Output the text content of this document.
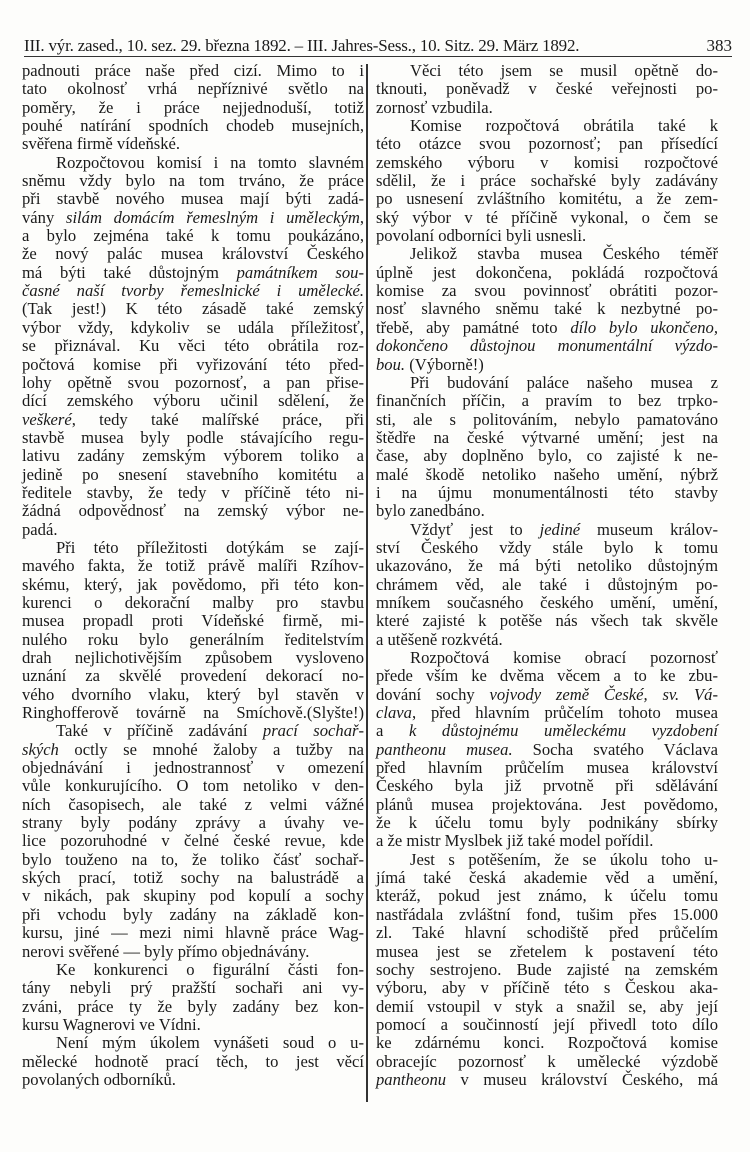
III. výr. zased., 10. sez. 29. března 1892. – III. Jahres-Sess., 10. Sitz. 29. März 1892.	383
padnouti práce naše před cizí. Mimo to i
tato okolnosť vrhá nepříznivé světlo na
poměry, že i práce nejjednoduší, totiž
pouhé natírání spodních chodeb musejních,
svěřena firmě vídeňské.
Rozpočtovou komisí i na tomto slavném
sněmu vždy bylo na tom trváno, že práce
při stavbě nového musea mají býti zadá-
vány silám domácím řemeslným i uměleckým,
a bylo zejména také k tomu poukázáno,
že nový palác musea království Českého
má býti také důstojným památníkem sou-
časné naší tvorby řemeslnické i umělecké.
(Tak jest!) K této zásadě také zemský
výbor vždy, kdykoliv se udála příležitosť,
se přiznával. Ku věci této obrátila roz-
počtová komise při vyřizování této před-
lohy opětně svou pozornosť, a pan přise-
dící zemského výboru učinil sdělení, že
veškeré, tedy také malířské práce, při
stavbě musea byly podle stávajícího regu-
lativu zadány zemským výborem toliko a
jedině po snesení stavebního komitétu a
ředitele stavby, že tedy v příčině této ni-
žádná odpovědnosť na zemský výbor ne-
padá.
Při této příležitosti dotýkám se zají-
mavého fakta, že totiž právě malíři Rzíhov-
skému, který, jak povědomo, při této kon-
kurenci o dekorační malby pro stavbu
musea propadl proti Vídeňské firmě, mi-
nulého roku bylo generálním ředitelstvím
drah nejlichotivějším způsobem vysloveno
uznání za skvělé provedení dekorací no-
vého dvorního vlaku, který byl stavěn v
Ringhofferově továrně na Smíchově.(Slyšte!)
Také v příčině zadávání prací sochař-
ských octly se mnohé žaloby a tužby na
objednávání i jednostrannosť v omezení
vůle konkurujícího. O tom netoliko v den-
ních časopisech, ale také z velmi vážné
strany byly podány zprávy a úvahy ve-
lice pozoruhodné v čelné české revue, kde
bylo touženo na to, že toliko čásť sochař-
ských prací, totiž sochy na balustrádě a
v nikách, pak skupiny pod kopulí a sochy
při vchodu byly zadány na základě kon-
kursu, jiné — mezi nimi hlavně práce Wag-
nerovi svěřené — byly přímo objednávány.
Ke konkurenci o figurální části fon-
tány nebyli prý pražští sochaři ani vy-
zváni, práce ty že byly zadány bez kon-
kursu Wagnerovi ve Vídni.
Není mým úkolem vynášeti soud o u-
mělecké hodnotě prací těch, to jest věcí
povolaných odborníků.
Věci této jsem se musil opětně do-
tknouti, poněvadž v české veřejnosti po-
zornosť vzbudila.
Komise rozpočtová obrátila také k
této otázce svou pozornosť; pan přísedící
zemského výboru v komisi rozpočtové
sdělil, že i práce sochařské byly zadávány
po usnesení zvláštního komitétu, a že zem-
ský výbor v té příčině vykonal, o čem se
povolaní odborníci byli usnesli.
Jelikož stavba musea Českého téměř
úplně jest dokončena, pokládá rozpočtová
komise za svou povinnosť obrátiti pozor-
nosť slavného sněmu také k nezbytné po-
třebě, aby památné toto dílo bylo ukončeno,
dokončeno důstojnou monumentální výzdo-
bou. (Výborně!)
Při budování paláce našeho musea z
finančních příčin, a pravím to bez trpko-
sti, ale s politováním, nebylo pamatováno
štědře na české výtvarné umění; jest na
čase, aby doplněno bylo, co zajisté k ne-
malé škodě netoliko našeho umění, nýbrž
i na újmu monumentálnosti této stavby
bylo zanedbáno.
Vždyť jest to jediné museum králov-
ství Českého vždy stále bylo k tomu
ukazováno, že má býti netoliko důstojným
chrámem věd, ale také i důstojným po-
mníkem současného českého umění, umění,
které zajisté k potěše nás všech tak skvěle
a utěšeně rozkvétá.
Rozpočtová komise obrací pozornosť
přede vším ke dvěma věcem a to ke zbu-
dování sochy vojvody země České, sv. Vá-
clava, před hlavním průčelím tohoto musea
a k důstojnému uměleckému vyzdobení
pantheonu musea. Socha svatého Václava
před hlavním průčelím musea království
Českého byla již prvotně při sdělávání
plánů musea projektována. Jest povědomo,
že k účelu tomu byly podnikány sbírky
a že mistr Myslbek již také model pořídil.
Jest s potěšením, že se úkolu toho u-
jímá také česká akademie věd a umění,
kteráž, pokud jest známo, k účelu tomu
nastřádala zvláštní fond, tušim přes 15.000
zl. Také hlavní schodiště před průčelím
musea jest se zřetelem k postavení této
sochy sestrojeno. Bude zajisté na zemském
výboru, aby v příčině této s Českou aka-
demií vstoupil v styk a snažil se, aby její
pomocí a součinností její přivedl toto dílo
ke zdárnému konci. Rozpočtová komise
obracejíc pozornosť k umělecké výzdobě
pantheonu v museu království Českého, má
